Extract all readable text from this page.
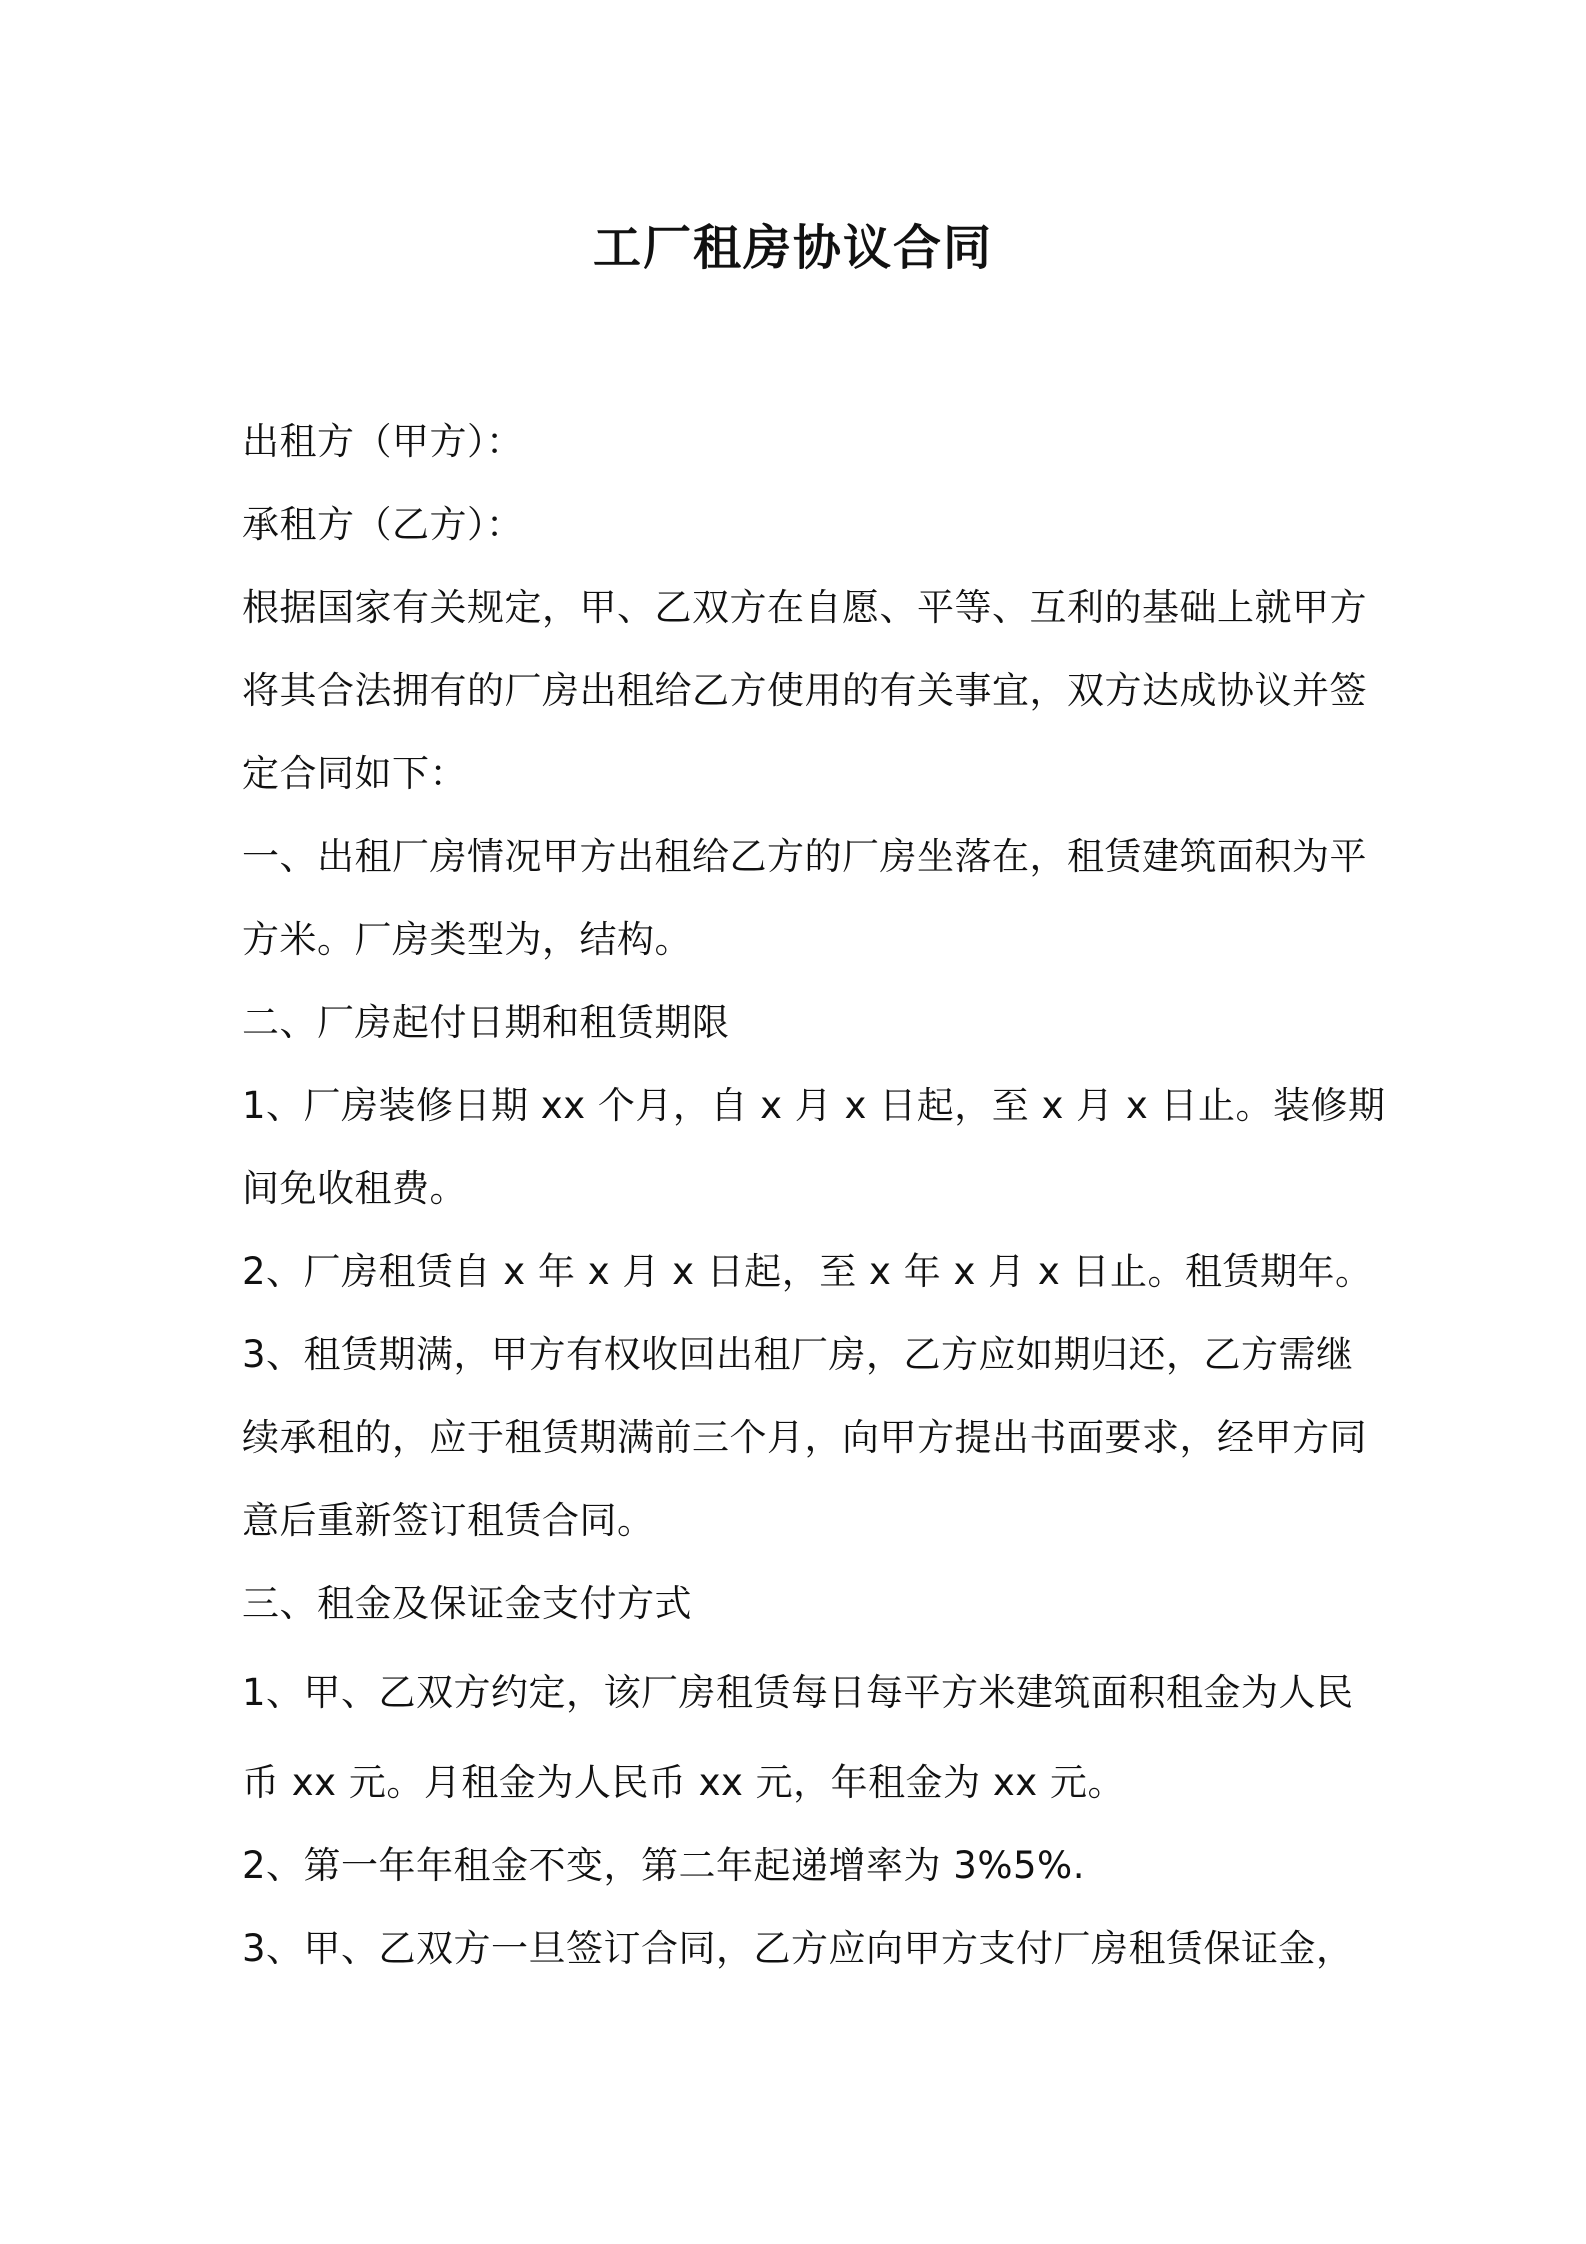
工厂租房协议合同

出租方（甲方）：

承租方（乙方）：

根据国家有关规定，甲、乙双方在自愿、平等、互利的基础上就甲方

将其合法拥有的厂房出租给乙方使用的有关事宜，双方达成协议并签

定合同如下：

一、出租厂房情况甲方出租给乙方的厂房坐落在，租赁建筑面积为平

方米。厂房类型为，结构。

二、厂房起付日期和租赁期限

1、厂房装修日期 xx 个月，自 x 月 x 日起，至 x 月 x 日止。装修期

间免收租费。

2、厂房租赁自 x 年 x 月 x 日起，至 x 年 x 月 x 日止。租赁期年。

3、租赁期满，甲方有权收回出租厂房，乙方应如期归还，乙方需继

续承租的，应于租赁期满前三个月，向甲方提出书面要求，经甲方同

意后重新签订租赁合同。

三、租金及保证金支付方式

1、甲、乙双方约定，该厂房租赁每日每平方米建筑面积租金为人民

币 xx 元。月租金为人民币 xx 元，年租金为 xx 元。

2、第一年年租金不变，第二年起递增率为 3%5%.

3、甲、乙双方一旦签订合同，乙方应向甲方支付厂房租赁保证金，
